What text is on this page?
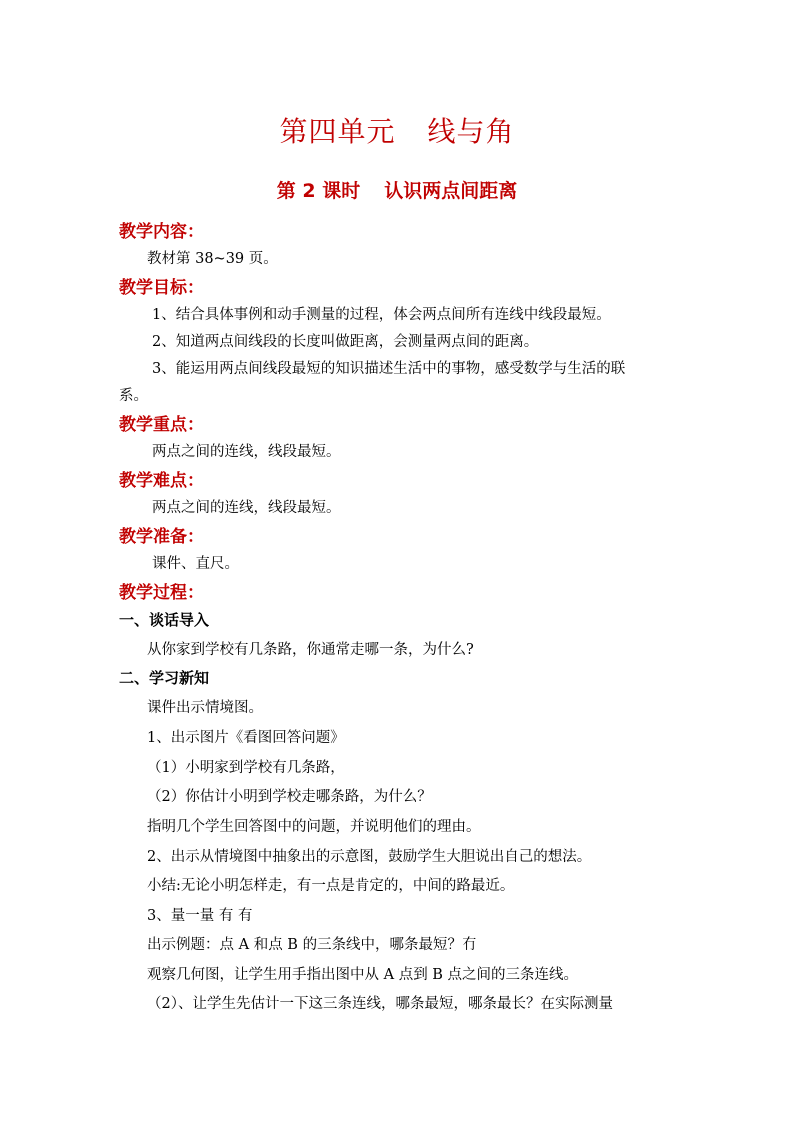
第四单元 线与角
第 2 课时 认识两点间距离
教学内容：
教材第 38~39 页。
教学目标：
1、结合具体事例和动手测量的过程，体会两点间所有连线中线段最短。
2、知道两点间线段的长度叫做距离，会测量两点间的距离。
3、能运用两点间线段最短的知识描述生活中的事物，感受数学与生活的联
系。
教学重点：
两点之间的连线，线段最短。
教学难点：
两点之间的连线，线段最短。
教学准备：
课件、直尺。
教学过程：
一、谈话导入
从你家到学校有几条路，你通常走哪一条，为什么?
二、学习新知
课件出示情境图。
1、出示图片《看图回答问题》
（1）小明家到学校有几条路，
（2）你估计小明到学校走哪条路，为什么？
指明几个学生回答图中的问题，并说明他们的理由。
2、出示从情境图中抽象出的示意图，鼓励学生大胆说出自己的想法。
小结:无论小明怎样走，有一点是肯定的，中间的路最近。
3、量一量 有 有
出示例题：点 A 和点 B 的三条线中，哪条最短？冇
观察几何图，让学生用手指出图中从 A 点到 B 点之间的三条连线。
（2）、让学生先估计一下这三条连线，哪条最短，哪条最长？在实际测量
